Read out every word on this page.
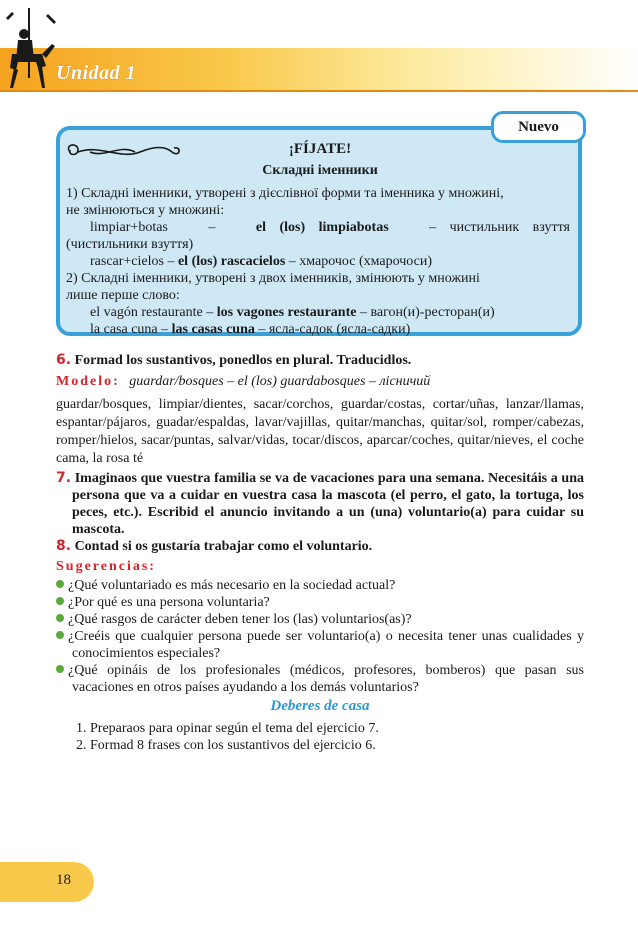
Unidad 1
Nuevo
¡FÍJATE!
Складні іменники
1) Складні іменники, утворені з дієслівної форми та іменника у множині,
не змінюються у множині:
limpiar+botas	–	el (los) limpiabotas	– чистильник взуття
(чистильники взуття)
rascar+cielos – el (los) rascacielos – хмарочос (хмарочоси)
2) Складні іменники, утворені з двох іменників, змінюють у множині
лише перше слово:
el vagón restaurante – los vagones restaurante – вагон(и)-ресторан(и)
la casa cuna – las casas cuna – ясла-садок (ясла-садки)
6. Formad los sustantivos, ponedlos en plural. Traducidlos.
Modelo: guardar/bosques – el (los) guardabosques – лісничий
guardar/bosques, limpiar/dientes, sacar/corchos, guardar/costas, cortar/uñas, lanzar/llamas, espantar/pájaros, guadar/espaldas, lavar/vajillas, quitar/manchas, quitar/sol, romper/cabezas, romper/hielos, sacar/puntas, salvar/vidas, tocar/discos, aparcar/coches, quitar/nieves, el coche cama, la rosa té
7. Imaginaos que vuestra familia se va de vacaciones para una semana. Necesitáis a una persona que va a cuidar en vuestra casa la mascota (el perro, el gato, la tortuga, los peces, etc.). Escribid el anuncio invitando a un (una) voluntario(a) para cuidar su mascota.
8. Contad si os gustaría trabajar como el voluntario.
Sugerencias:
¿Qué voluntariado es más necesario en la sociedad actual?
¿Por qué es una persona voluntaria?
¿Qué rasgos de carácter deben tener los (las) voluntarios(as)?
¿Creéis que cualquier persona puede ser voluntario(a) o necesita tener unas cualidades y conocimientos especiales?
¿Qué opináis de los profesionales (médicos, profesores, bomberos) que pasan sus vacaciones en otros países ayudando a los demás voluntarios?
Deberes de casa
1. Preparaos para opinar según el tema del ejercicio 7.
2. Formad 8 frases con los sustantivos del ejercicio 6.
18
